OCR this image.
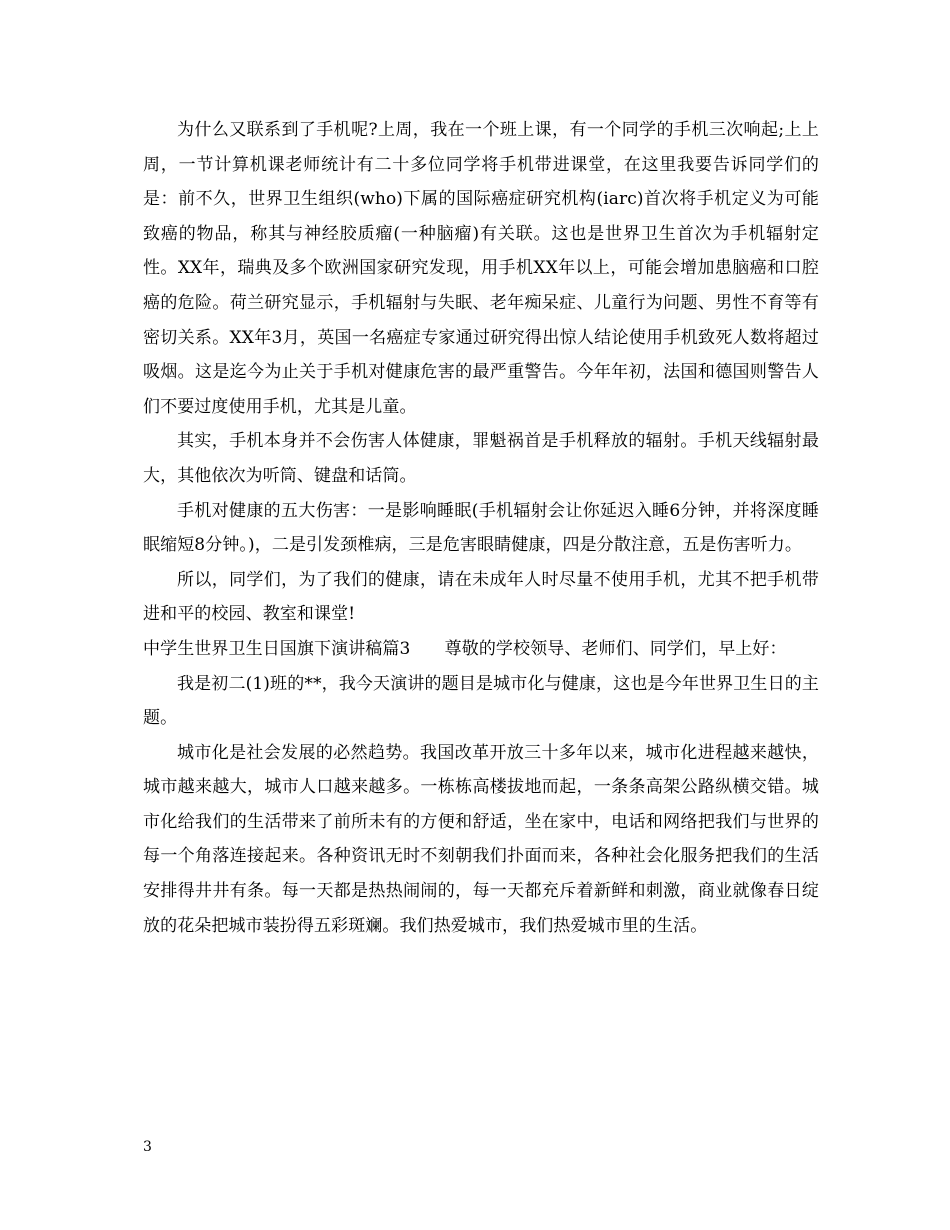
为什么又联系到了手机呢?上周，我在一个班上课，有一个同学的手机三次响起;上上周，一节计算机课老师统计有二十多位同学将手机带进课堂，在这里我要告诉同学们的是：前不久，世界卫生组织(who)下属的国际癌症研究机构(iarc)首次将手机定义为可能致癌的物品，称其与神经胶质瘤(一种脑瘤)有关联。这也是世界卫生首次为手机辐射定性。XX年，瑞典及多个欧洲国家研究发现，用手机XX年以上，可能会增加患脑癌和口腔癌的危险。荷兰研究显示，手机辐射与失眠、老年痴呆症、儿童行为问题、男性不育等有密切关系。XX年3月，英国一名癌症专家通过研究得出惊人结论使用手机致死人数将超过吸烟。这是迄今为止关于手机对健康危害的最严重警告。今年年初，法国和德国则警告人们不要过度使用手机，尤其是儿童。

其实，手机本身并不会伤害人体健康，罪魁祸首是手机释放的辐射。手机天线辐射最大，其他依次为听筒、键盘和话筒。

手机对健康的五大伤害：一是影响睡眠(手机辐射会让你延迟入睡6分钟，并将深度睡眠缩短8分钟。)，二是引发颈椎病，三是危害眼睛健康，四是分散注意，五是伤害听力。

所以，同学们，为了我们的健康，请在未成年人时尽量不使用手机，尤其不把手机带进和平的校园、教室和课堂!

中学生世界卫生日国旗下演讲稿篇3　　尊敬的学校领导、老师们、同学们，早上好：

我是初二(1)班的**，我今天演讲的题目是城市化与健康，这也是今年世界卫生日的主题。

城市化是社会发展的必然趋势。我国改革开放三十多年以来，城市化进程越来越快，城市越来越大，城市人口越来越多。一栋栋高楼拔地而起，一条条高架公路纵横交错。城市化给我们的生活带来了前所未有的方便和舒适，坐在家中，电话和网络把我们与世界的每一个角落连接起来。各种资讯无时不刻朝我们扑面而来，各种社会化服务把我们的生活安排得井井有条。每一天都是热热闹闹的，每一天都充斥着新鲜和刺激，商业就像春日绽放的花朵把城市装扮得五彩斑斓。我们热爱城市，我们热爱城市里的生活。

3
